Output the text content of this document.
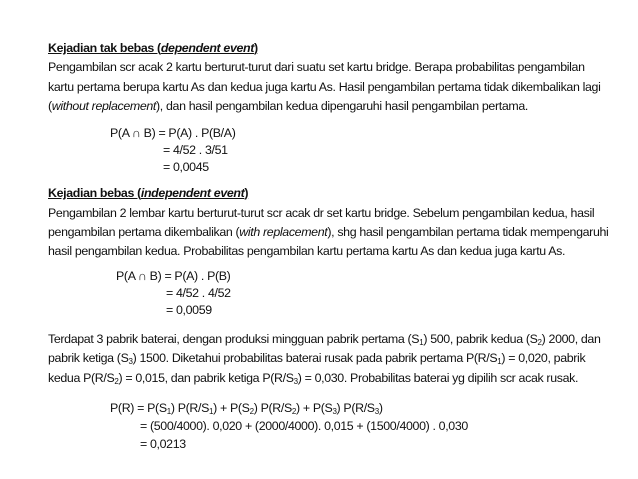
Kejadian tak bebas (dependent event)
Pengambilan scr acak 2 kartu berturut-turut dari suatu set kartu bridge. Berapa probabilitas pengambilan
kartu pertama berupa kartu As dan kedua juga kartu As. Hasil pengambilan pertama tidak dikembalikan lagi
(without replacement), dan hasil pengambilan kedua dipengaruhi hasil pengambilan pertama.
P(A ∩ B) = P(A) . P(B/A)
= 4/52 . 3/51
= 0,0045
Kejadian bebas (independent event)
Pengambilan 2 lembar kartu berturut-turut scr acak dr set kartu bridge. Sebelum pengambilan kedua, hasil
pengambilan pertama dikembalikan (with replacement), shg hasil pengambilan pertama tidak mempengaruhi
hasil pengambilan kedua. Probabilitas pengambilan kartu pertama kartu As dan kedua juga kartu As.
P(A ∩ B) = P(A) . P(B)
= 4/52 . 4/52
= 0,0059
Terdapat 3 pabrik baterai, dengan produksi mingguan pabrik pertama $(S_1)$ 500, pabrik kedua $(S_2)$ 2000, dan
pabrik ketiga $(S_3)$ 1500. Diketahui probabilitas baterai rusak pada pabrik pertama $P(R/S_1) = 0,020$, pabrik
kedua $P(R/S_2) = 0,015$, dan pabrik ketiga $P(R/S_3) = 0,030$. Probabilitas baterai yg dipilih scr acak rusak.
$P(R) = P(S_1) P(R/S_1) + P(S_2) P(R/S_2) + P(S_3)$ $P(R/S_3)$
= (500/4000). 0,020 + (2000/4000). 0,015 + (1500/4000) . 0,030
= 0,0213
